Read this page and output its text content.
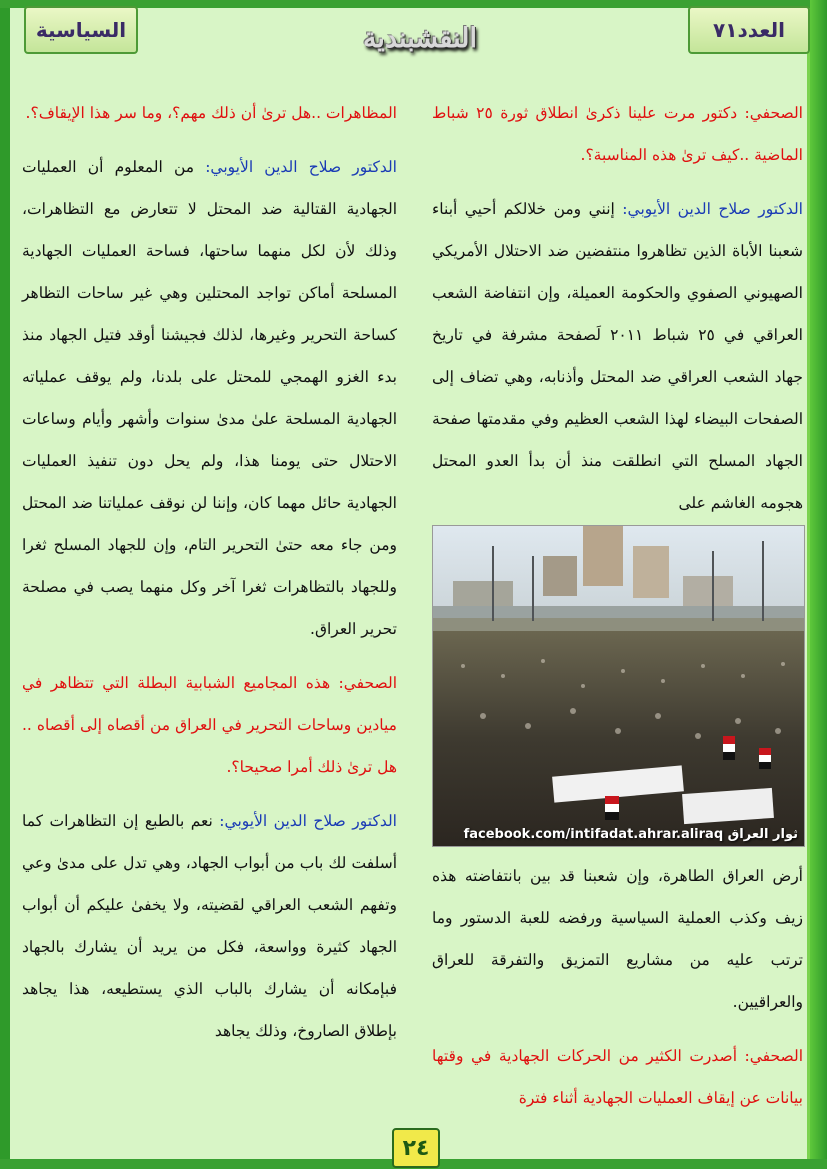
السياسية	النقشبندية	العدد٧١

الصحفي: دكتور مرت علينا ذكرىٰ انطلاق ثورة ٢٥ شباط الماضية ..كيف ترىٰ هذه المناسبة؟.

الدكتور صلاح الدين الأيوبي: إنني ومن خلالكم أحيي أبناء شعبنا الأباة الذين تظاهروا منتفضين ضد الاحتلال الأمريكي الصهيوني الصفوي والحكومة العميلة، وإن انتفاضة الشعب العراقي في ٢٥ شباط ٢٠١١ لَصفحة مشرفة في تاريخ جهاد الشعب العراقي ضد المحتل وأذنابه، وهي تضاف إلى الصفحات البيضاء لهذا الشعب العظيم وفي مقدمتها صفحة الجهاد المسلح التي انطلقت منذ أن بدأ العدو المحتل هجومه الغاشم على

facebook.com/intifadat.ahrar.aliraq ثوار العراق

أرض العراق الطاهرة، وإن شعبنا قد بين بانتفاضته هذه زيف وكذب العملية السياسية ورفضه للعبة الدستور وما ترتب عليه من مشاريع التمزيق والتفرقة للعراق والعراقيين.

الصحفي: أصدرت الكثير من الحركات الجهادية في وقتها بيانات عن إيقاف العمليات الجهادية أثناء فترة

المظاهرات ..هل ترىٰ أن ذلك مهم؟، وما سر هذا الإيقاف؟.

الدكتور صلاح الدين الأيوبي: من المعلوم أن العمليات الجهادية القتالية ضد المحتل لا تتعارض مع التظاهرات، وذلك لأن لكل منهما ساحتها، فساحة العمليات الجهادية المسلحة أماكن تواجد المحتلين وهي غير ساحات التظاهر كساحة التحرير وغيرها، لذلك فجيشنا أوقد فتيل الجهاد منذ بدء الغزو الهمجي للمحتل على بلدنا، ولم يوقف عملياته الجهادية المسلحة علىٰ مدىٰ سنوات وأشهر وأيام وساعات الاحتلال حتى يومنا هذا، ولم يحل دون تنفيذ العمليات الجهادية حائل مهما كان، وإننا لن نوقف عملياتنا ضد المحتل ومن جاء معه حتىٰ التحرير التام، وإن للجهاد المسلح ثغرا وللجهاد بالتظاهرات ثغرا آخر وكل منهما يصب في مصلحة تحرير العراق.

الصحفي: هذه المجاميع الشبابية البطلة التي تتظاهر في ميادين وساحات التحرير في العراق من أقصاه إلى أقصاه .. هل ترىٰ ذلك أمرا صحيحا؟.

الدكتور صلاح الدين الأيوبي: نعم بالطبع إن التظاهرات كما أسلفت لك باب من أبواب الجهاد، وهي تدل على مدىٰ وعي وتفهم الشعب العراقي لقضيته، ولا يخفىٰ عليكم أن أبواب الجهاد كثيرة وواسعة، فكل من يريد أن يشارك بالجهاد فبإمكانه أن يشارك بالباب الذي يستطيعه، هذا يجاهد بإطلاق الصاروخ، وذلك يجاهد

٢٤
